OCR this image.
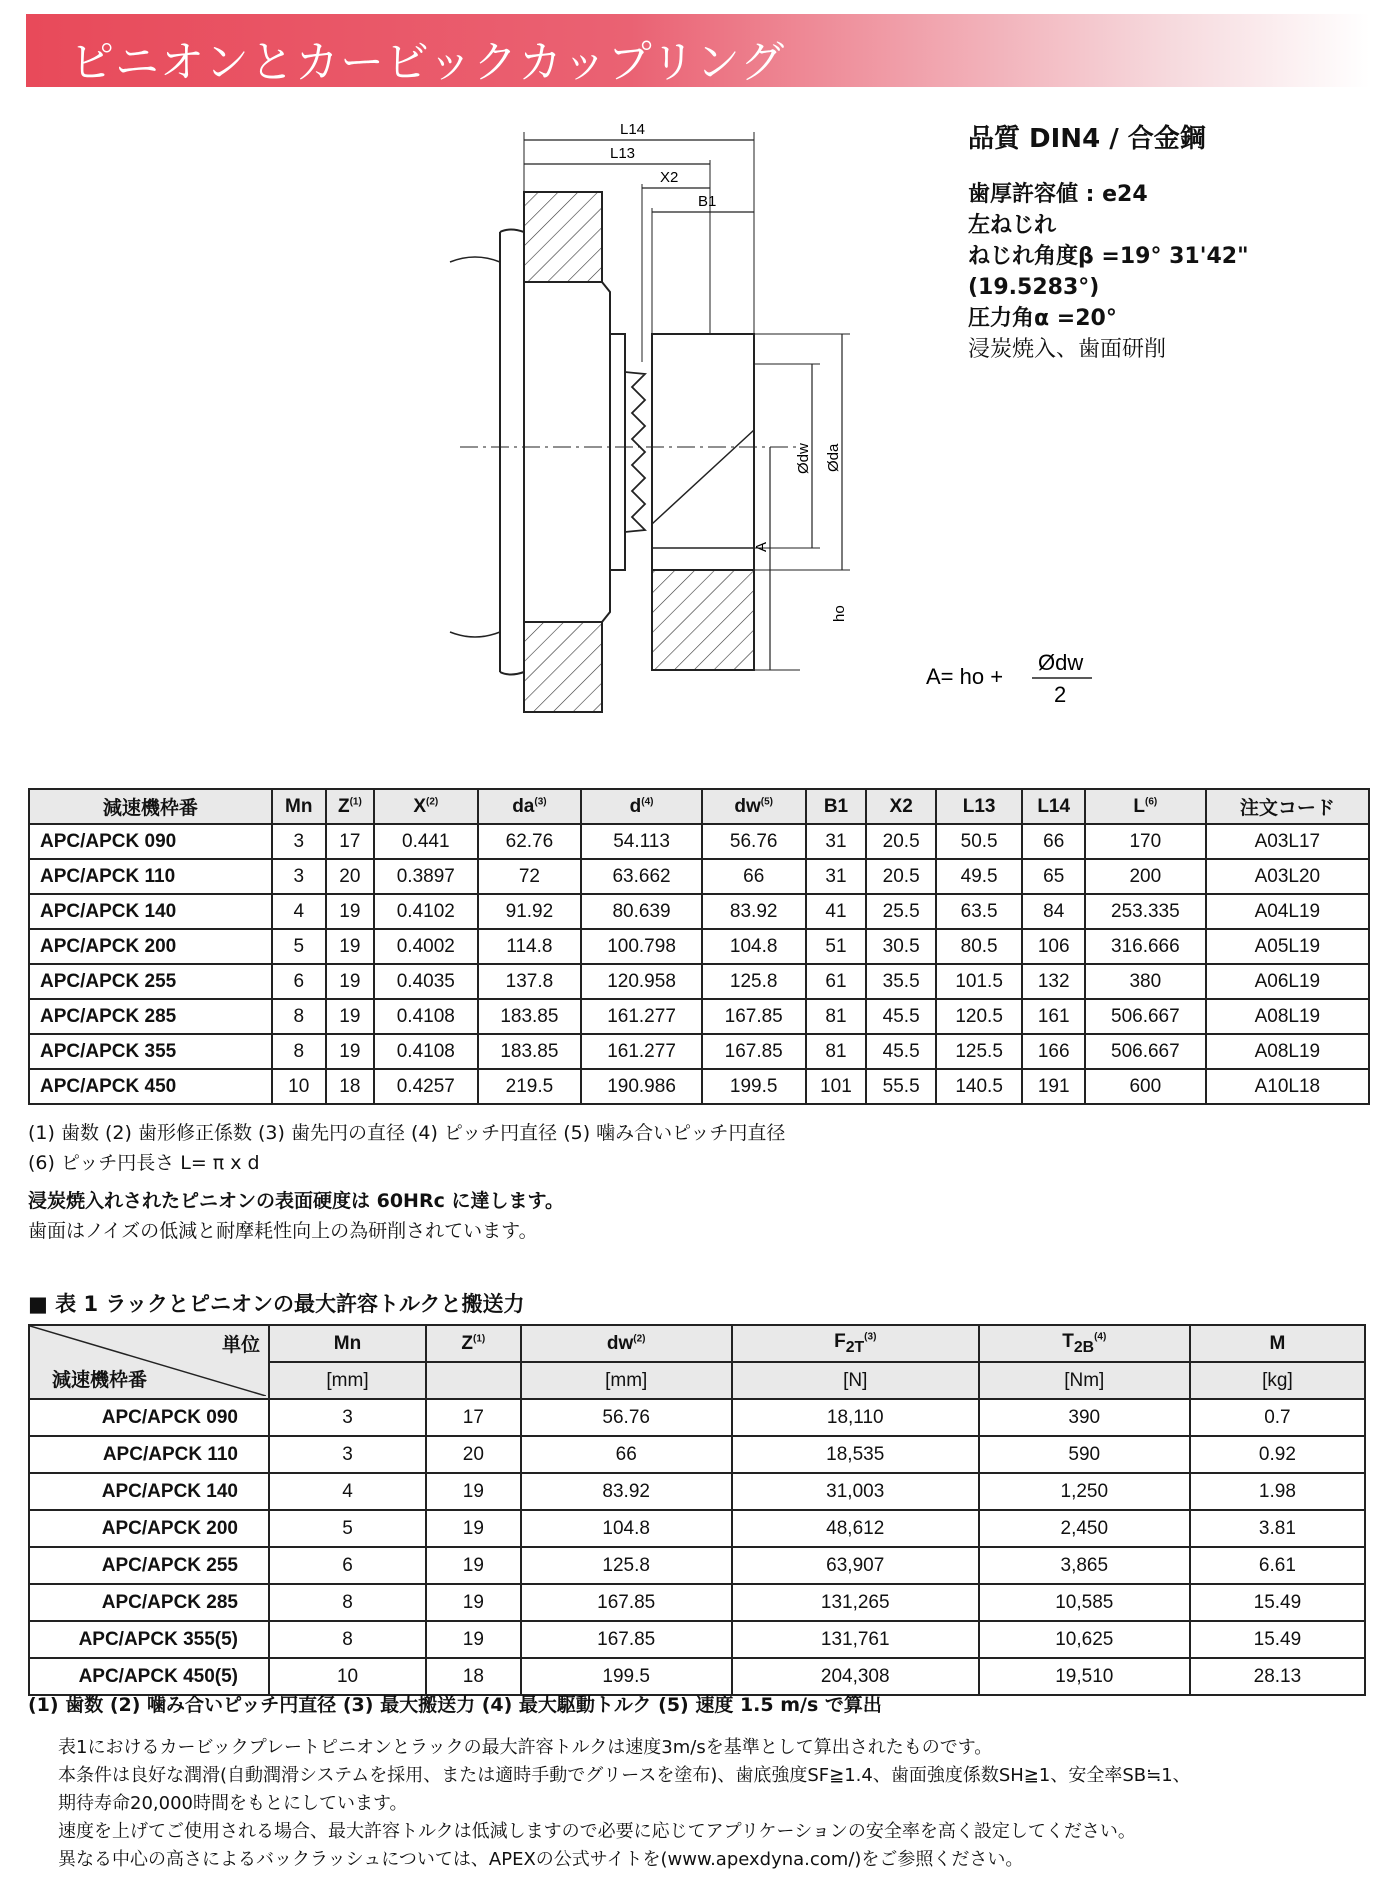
ピニオンとカービックカップリング
L14
L13
X2
B1
Ødw Øda
A
ho
A= ho +
Ødw
2
品質 DIN4 / 合金鋼
歯厚許容値 : e24
左ねじれ
ねじれ角度β =19° 31'42"(19.5283°)
圧力角α =20°
浸炭焼入、歯面研削
減速機枠番	Mn	$Z^{(1)}$	$X^{(2)}$	$da^{(3)}$	$d^{(4)}$	$dw^{(5)}$	B1	X2	L13	L14	$L^{(6)}$	注文コード
APC/APCK 090	3	17	0.441	62.76	54.113	56.76	31	20.5	50.5	66	170	A03L17
APC/APCK 110	3	20	0.3897	72	63.662	66	31	20.5	49.5	65	200	A03L20
APC/APCK 140	4	19	0.4102	91.92	80.639	83.92	41	25.5	63.5	84	253.335	A04L19
APC/APCK 200	5	19	0.4002	114.8	100.798	104.8	51	30.5	80.5	106	316.666	A05L19
APC/APCK 255	6	19	0.4035	137.8	120.958	125.8	61	35.5	101.5	132	380	A06L19
APC/APCK 285	8	19	0.4108	183.85	161.277	167.85	81	45.5	120.5	161	506.667	A08L19
APC/APCK 355	8	19	0.4108	183.85	161.277	167.85	81	45.5	125.5	166	506.667	A08L19
APC/APCK 450	10	18	0.4257	219.5	190.986	199.5	101	55.5	140.5	191	600	A10L18
(1) 歯数 (2) 歯形修正係数 (3) 歯先円の直径 (4) ピッチ円直径 (5) 噛み合いピッチ円直径
(6) ピッチ円長さ L= π x d
浸炭焼入れされたピニオンの表面硬度は 60HRc に達します。
歯面はノイズの低減と耐摩耗性向上の為研削されています。
■ 表 1 ラックとピニオンの最大許容トルクと搬送力
単位
減速機枠番	Mn	$Z^{(1)}$	$dw^{(2)}$	$F_{2T}^{(3)}$	$T_{2B}^{(4)}$	M
	[mm]		[mm]	[N]	[Nm]	[kg]
APC/APCK 090	3	17	56.76	18,110	390	0.7
APC/APCK 110	3	20	66	18,535	590	0.92
APC/APCK 140	4	19	83.92	31,003	1,250	1.98
APC/APCK 200	5	19	104.8	48,612	2,450	3.81
APC/APCK 255	6	19	125.8	63,907	3,865	6.61
APC/APCK 285	8	19	167.85	131,265	10,585	15.49
APC/APCK 355(5)	8	19	167.85	131,761	10,625	15.49
APC/APCK 450(5)	10	18	199.5	204,308	19,510	28.13
(1) 歯数 (2) 噛み合いピッチ円直径 (3) 最大搬送力 (4) 最大駆動トルク (5) 速度 1.5 m/s で算出
表1におけるカービックプレートピニオンとラックの最大許容トルクは速度3m/sを基準として算出されたものです。
本条件は良好な潤滑(自動潤滑システムを採用、または適時手動でグリースを塗布)、歯底強度SF≧1.4、歯面強度係数SH≧1、安全率SB≒1、
期待寿命20,000時間をもとにしています。
速度を上げてご使用される場合、最大許容トルクは低減しますので必要に応じてアプリケーションの安全率を高く設定してください。
異なる中心の高さによるバックラッシュについては、APEXの公式サイトを(www.apexdyna.com/)をご参照ください。
